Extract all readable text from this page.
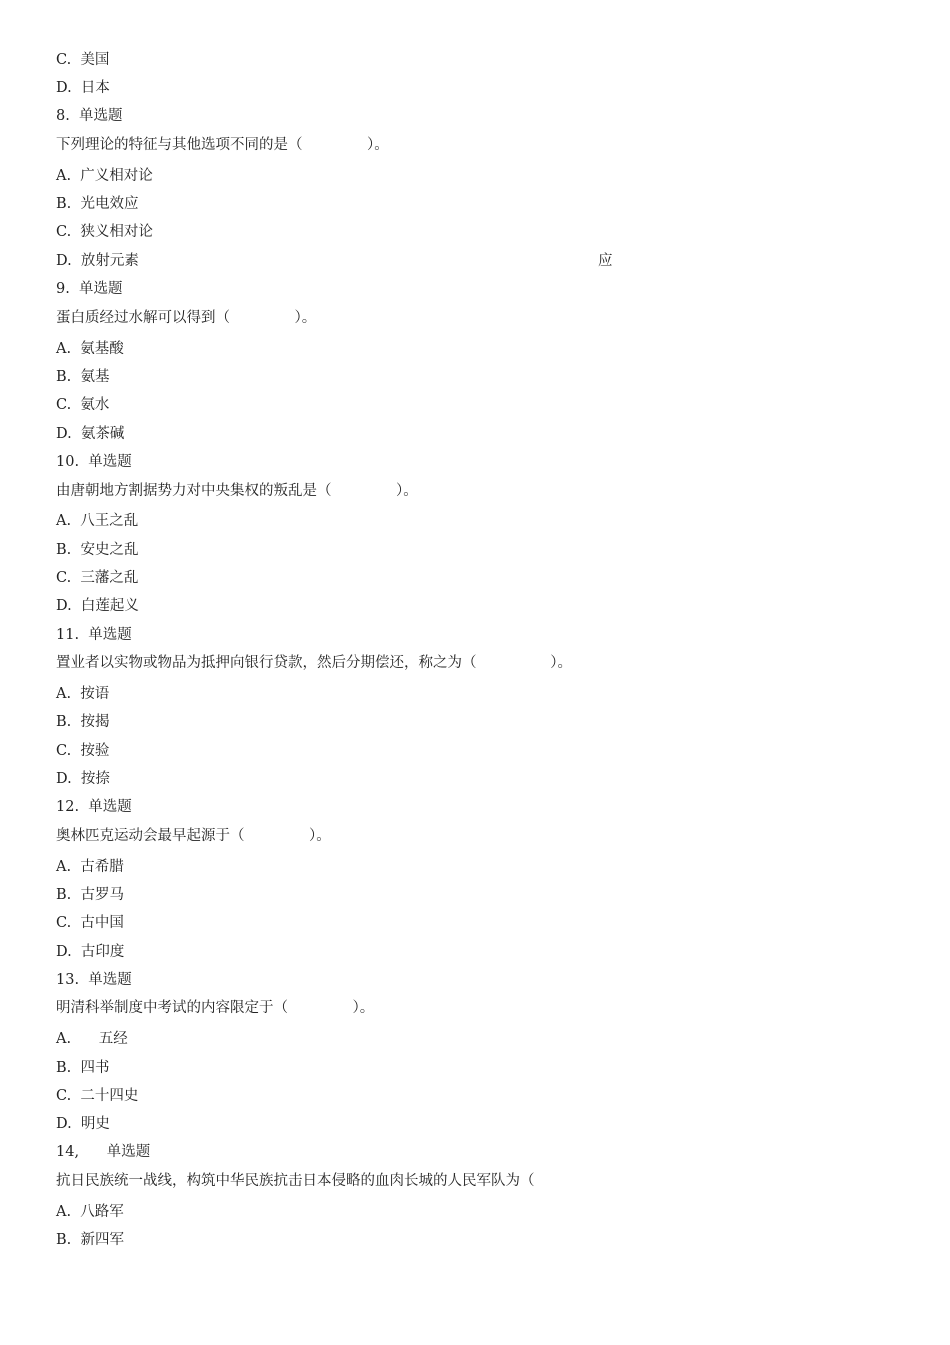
C.  美国
D.  日本
8.  单选题
下列理论的特征与其他选项不同的是（              ）。
A.  广义相对论
B.  光电效应
C.  狭义相对论
D.  放射元素	应
9.  单选题
蛋白质经过水解可以得到（              ）。
A.  氨基酸
B.  氨基
C.  氨水
D.  氨茶碱
10.  单选题
由唐朝地方割据势力对中央集权的叛乱是（              ）。
A.  八王之乱
B.  安史之乱
C.  三藩之乱
D.  白莲起义
11.  单选题
置业者以实物或物品为抵押向银行贷款，然后分期偿还，称之为（                ）。
A.  按语
B.  按揭
C.  按验
D.  按捺
12.  单选题
奥林匹克运动会最早起源于（              ）。
A.  古希腊
B.  古罗马
C.  古中国
D.  古印度
13.  单选题
明清科举制度中考试的内容限定于（              ）。
A.      五经
B.  四书
C.  二十四史
D.  明史
14,      单选题
抗日民族统一战线，构筑中华民族抗击日本侵略的血肉长城的人民军队为（
A.  八路军
B.  新四军
